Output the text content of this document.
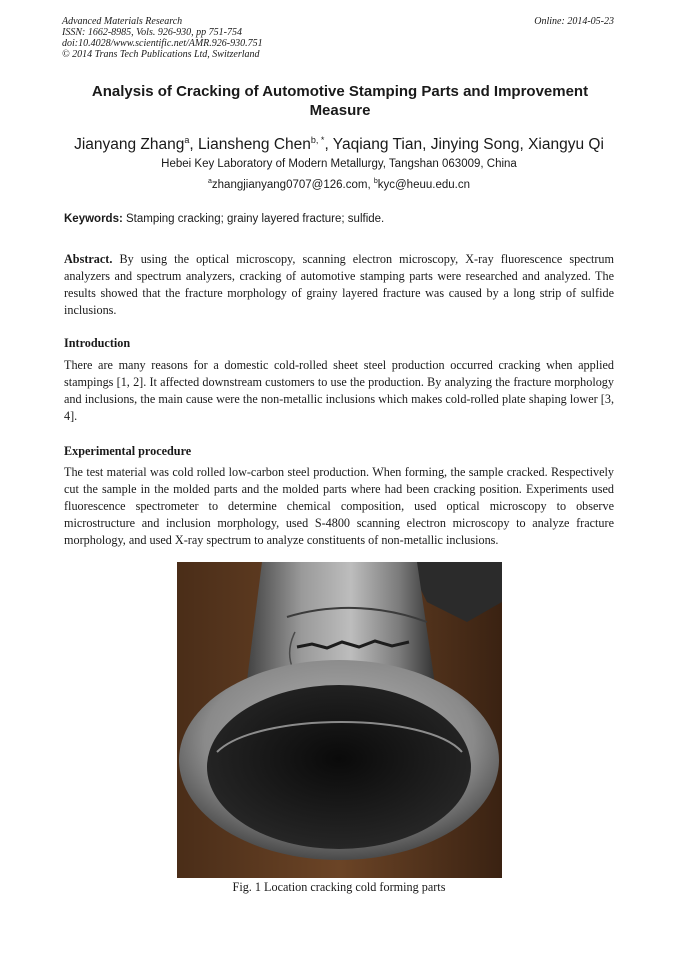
Advanced Materials Research
ISSN: 1662-8985, Vols. 926-930, pp 751-754
doi:10.4028/www.scientific.net/AMR.926-930.751
© 2014 Trans Tech Publications Ltd, Switzerland
Online: 2014-05-23
Analysis of Cracking of Automotive Stamping Parts and Improvement Measure
Jianyang Zhang$^a$, Liansheng Chen$^{b, *}$, Yaqiang Tian, Jinying Song, Xiangyu Qi
Hebei Key Laboratory of Modern Metallurgy, Tangshan 063009, China
$^a$zhangjianyang0707@126.com, $^b$kyc@heuu.edu.cn
Keywords: Stamping cracking; grainy layered fracture; sulfide.
Abstract. By using the optical microscopy, scanning electron microscopy, X-ray fluorescence spectrum analyzers and spectrum analyzers, cracking of automotive stamping parts were researched and analyzed. The results showed that the fracture morphology of grainy layered fracture was caused by a long strip of sulfide inclusions.
Introduction
There are many reasons for a domestic cold-rolled sheet steel production occurred cracking when applied stampings [1, 2]. It affected downstream customers to use the production. By analyzing the fracture morphology and inclusions, the main cause were the non-metallic inclusions which makes cold-rolled plate shaping lower [3, 4].
Experimental procedure
The test material was cold rolled low-carbon steel production. When forming, the sample cracked. Respectively cut the sample in the molded parts and the molded parts where had been cracking position. Experiments used fluorescence spectrometer to determine chemical composition, used optical microscopy to observe microstructure and inclusion morphology, used S-4800 scanning electron microscopy to analyze fracture morphology, and used X-ray spectrum to analyze constituents of non-metallic inclusions.
Fig. 1 Location cracking cold forming parts
